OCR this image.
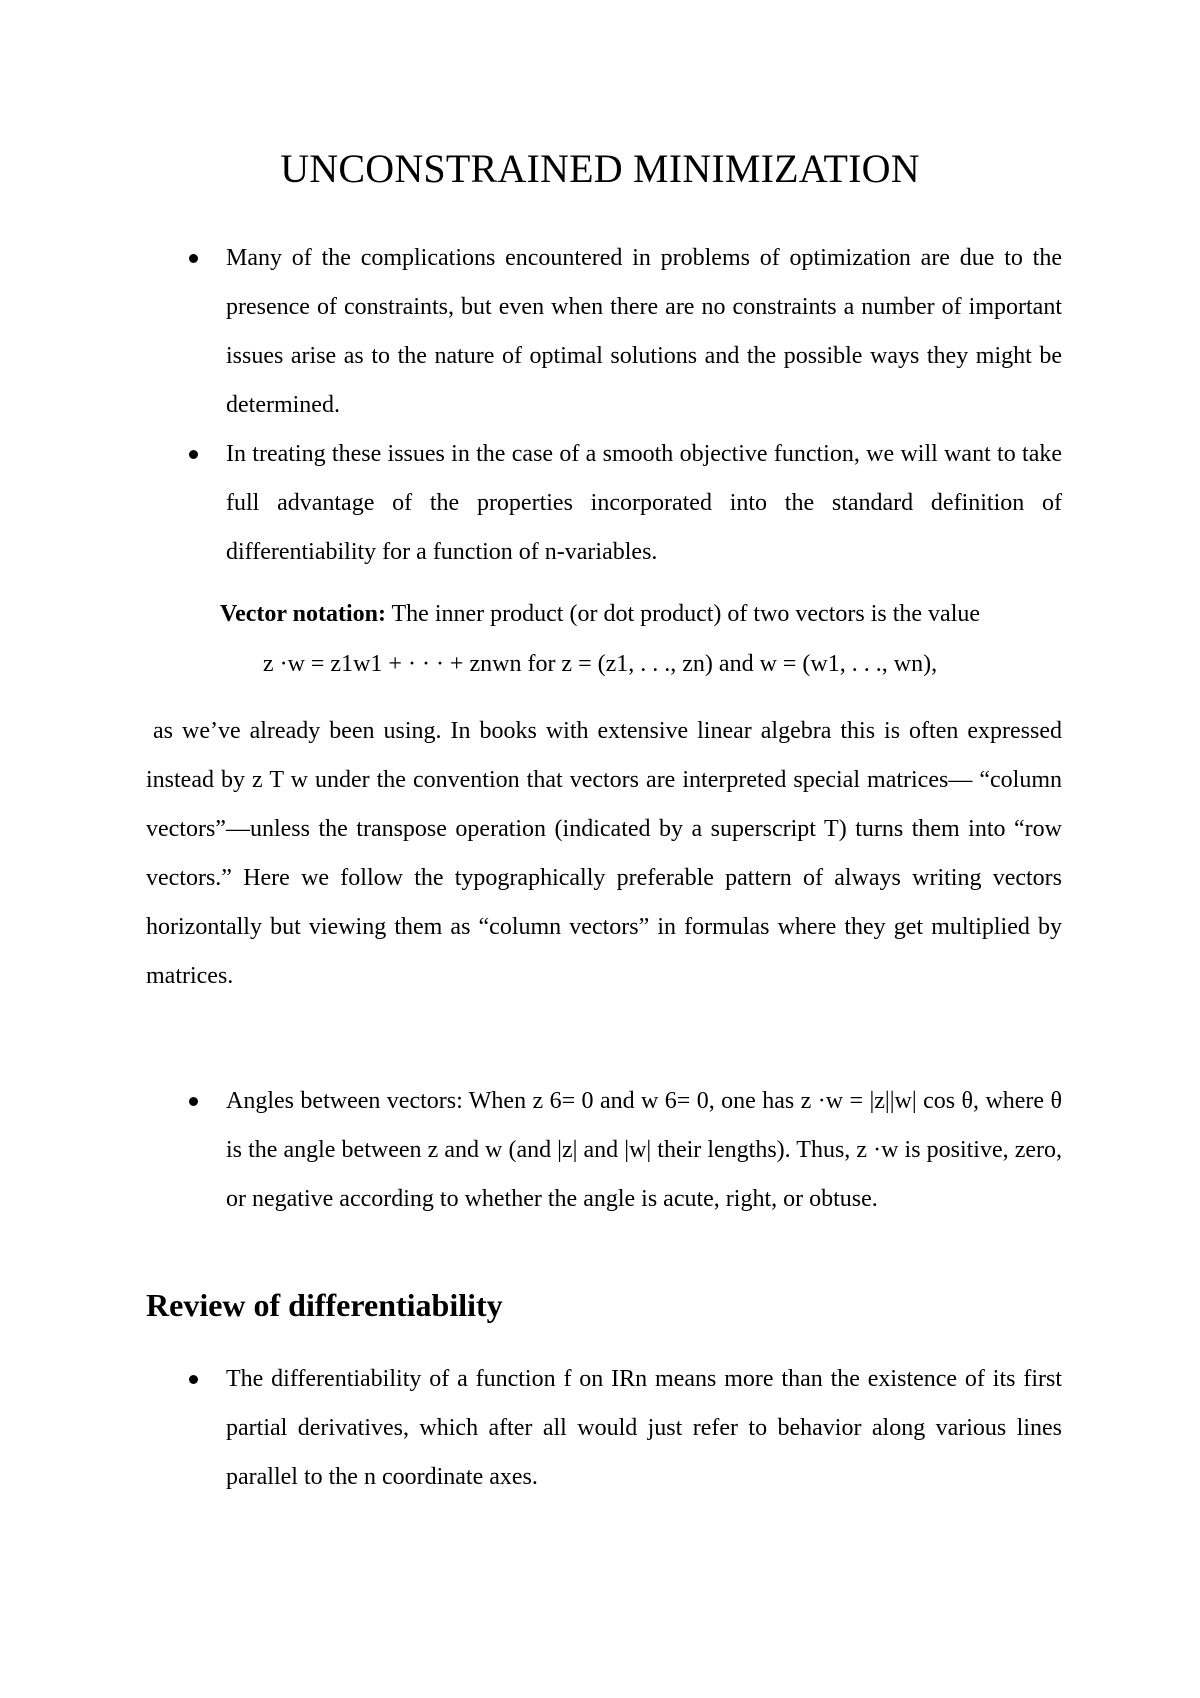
UNCONSTRAINED MINIMIZATION
Many of the complications encountered in problems of optimization are due to the presence of constraints, but even when there are no constraints a number of important issues arise as to the nature of optimal solutions and the possible ways they might be determined.
In treating these issues in the case of a smooth objective function, we will want to take full advantage of the properties incorporated into the standard definition of differentiability for a function of n-variables.

Vector notation: The inner product (or dot product) of two vectors is the value

z ·w = z1w1 + · · · + znwn for z = (z1, . . ., zn) and w = (w1, . . ., wn),

as we’ve already been using. In books with extensive linear algebra this is often expressed instead by z T w under the convention that vectors are interpreted special matrices— “column vectors”—unless the transpose operation (indicated by a superscript T) turns them into “row vectors.” Here we follow the typographically preferable pattern of always writing vectors horizontally but viewing them as “column vectors” in formulas where they get multiplied by matrices.

Angles between vectors: When z 6= 0 and w 6= 0, one has z ·w = |z||w| cos θ, where θ is the angle between z and w (and |z| and |w| their lengths). Thus, z ·w is positive, zero, or negative according to whether the angle is acute, right, or obtuse.
Review of differentiability
The differentiability of a function f on IRn means more than the existence of its first partial derivatives, which after all would just refer to behavior along various lines parallel to the n coordinate axes.
